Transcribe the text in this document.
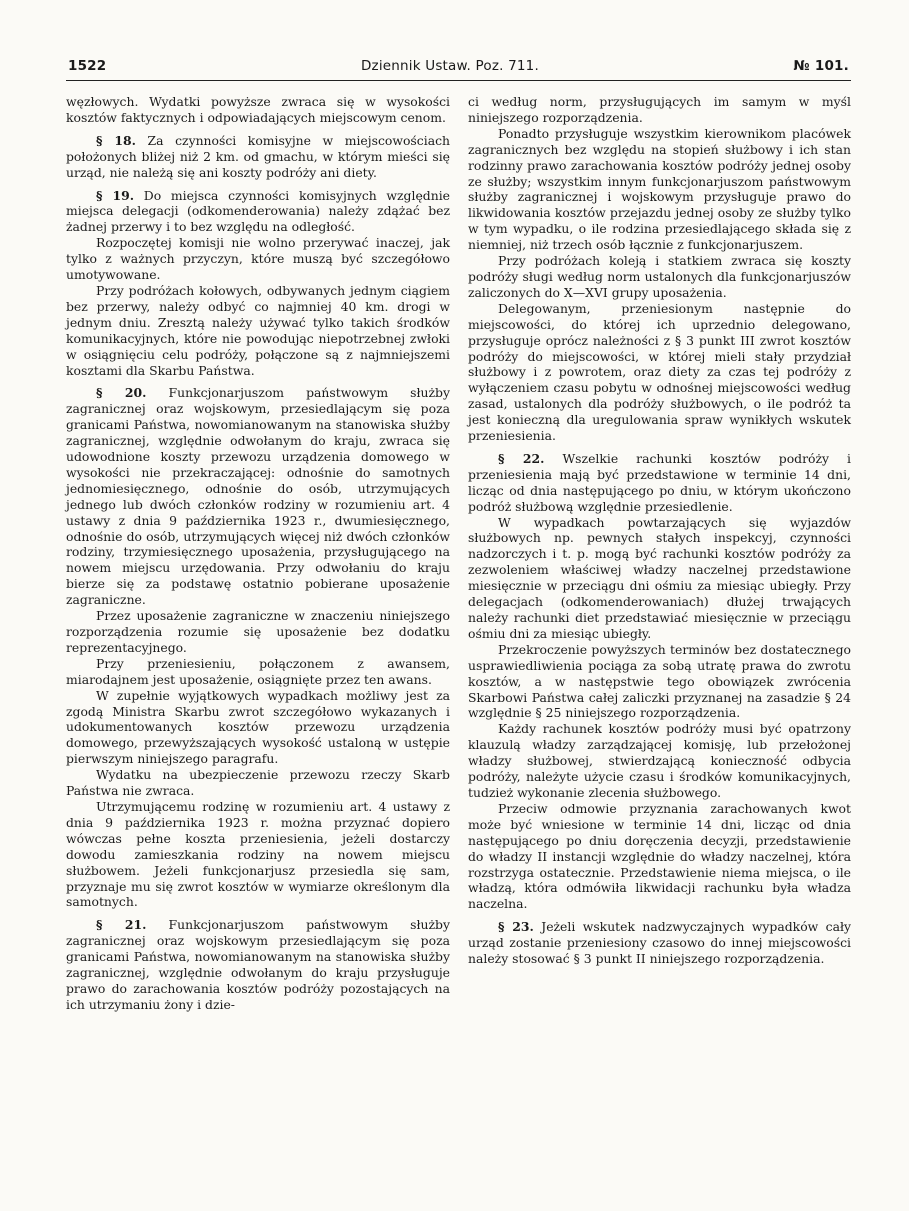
1522	Dziennik Ustaw. Poz. 711.	№ 101.

węzłowych. Wydatki powyższe zwraca się w wysokości kosztów faktycznych i odpowiadających miejscowym cenom.

§ 18. Za czynności komisyjne w miejscowościach położonych bliżej niż 2 km. od gmachu, w którym mieści się urząd, nie należą się ani koszty podróży ani diety.

§ 19. Do miejsca czynności komisyjnych względnie miejsca delegacji (odkomenderowania) należy zdążać bez żadnej przerwy i to bez względu na odległość.

Rozpoczętej komisji nie wolno przerywać inaczej, jak tylko z ważnych przyczyn, które muszą być szczegółowo umotywowane.

Przy podróżach kołowych, odbywanych jednym ciągiem bez przerwy, należy odbyć co najmniej 40 km. drogi w jednym dniu. Zresztą należy używać tylko takich środków komunikacyjnych, które nie powodując niepotrzebnej zwłoki w osiągnięciu celu podróży, połączone są z najmniejszemi kosztami dla Skarbu Państwa.

§ 20. Funkcjonarjuszom państwowym służby zagranicznej oraz wojskowym, przesiedlającym się poza granicami Państwa, nowomianowanym na stanowiska służby zagranicznej, względnie odwołanym do kraju, zwraca się udowodnione koszty przewozu urządzenia domowego w wysokości nie przekraczającej: odnośnie do samotnych jednomiesięcznego, odnośnie do osób, utrzymujących jednego lub dwóch członków rodziny w rozumieniu art. 4 ustawy z dnia 9 października 1923 r., dwumiesięcznego, odnośnie do osób, utrzymujących więcej niż dwóch członków rodziny, trzymiesięcznego uposażenia, przysługującego na nowem miejscu urzędowania. Przy odwołaniu do kraju bierze się za podstawę ostatnio pobierane uposażenie zagraniczne.

Przez uposażenie zagraniczne w znaczeniu niniejszego rozporządzenia rozumie się uposażenie bez dodatku reprezentacyjnego.

Przy przeniesieniu, połączonem z awansem, miarodajnem jest uposażenie, osiągnięte przez ten awans.

W zupełnie wyjątkowych wypadkach możliwy jest za zgodą Ministra Skarbu zwrot szczegółowo wykazanych i udokumentowanych kosztów przewozu urządzenia domowego, przewyższających wysokość ustaloną w ustępie pierwszym niniejszego paragrafu.

Wydatku na ubezpieczenie przewozu rzeczy Skarb Państwa nie zwraca.

Utrzymującemu rodzinę w rozumieniu art. 4 ustawy z dnia 9 października 1923 r. można przyznać dopiero wówczas pełne koszta przeniesienia, jeżeli dostarczy dowodu zamieszkania rodziny na nowem miejscu służbowem. Jeżeli funkcjonarjusz przesiedla się sam, przyznaje mu się zwrot kosztów w wymiarze określonym dla samotnych.

§ 21. Funkcjonarjuszom państwowym służby zagranicznej oraz wojskowym przesiedlającym się poza granicami Państwa, nowomianowanym na stanowiska służby zagranicznej, względnie odwołanym do kraju przysługuje prawo do zarachowania kosztów podróży pozostających na ich utrzymaniu żony i dzie-

ci według norm, przysługujących im samym w myśl niniejszego rozporządzenia.

Ponadto przysługuje wszystkim kierownikom placówek zagranicznych bez względu na stopień służbowy i ich stan rodzinny prawo zarachowania kosztów podróży jednej osoby ze służby; wszystkim innym funkcjonarjuszom państwowym służby zagranicznej i wojskowym przysługuje prawo do likwidowania kosztów przejazdu jednej osoby ze służby tylko w tym wypadku, o ile rodzina przesiedlającego składa się z niemniej, niż trzech osób łącznie z funkcjonarjuszem.

Przy podróżach koleją i statkiem zwraca się koszty podróży sługi według norm ustalonych dla funkcjonarjuszów zaliczonych do X—XVI grupy uposażenia.

Delegowanym, przeniesionym następnie do miejscowości, do której ich uprzednio delegowano, przysługuje oprócz należności z § 3 punkt III zwrot kosztów podróży do miejscowości, w której mieli stały przydział służbowy i z powrotem, oraz diety za czas tej podróży z wyłączeniem czasu pobytu w odnośnej miejscowości według zasad, ustalonych dla podróży służbowych, o ile podróż ta jest konieczną dla uregulowania spraw wynikłych wskutek przeniesienia.

§ 22. Wszelkie rachunki kosztów podróży i przeniesienia mają być przedstawione w terminie 14 dni, licząc od dnia następującego po dniu, w którym ukończono podróż służbową względnie przesiedlenie.

W wypadkach powtarzających się wyjazdów służbowych np. pewnych stałych inspekcyj, czynności nadzorczych i t. p. mogą być rachunki kosztów podróży za zezwoleniem właściwej władzy naczelnej przedstawione miesięcznie w przeciągu dni ośmiu za miesiąc ubiegły. Przy delegacjach (odkomenderowaniach) dłużej trwających należy rachunki diet przedstawiać miesięcznie w przeciągu ośmiu dni za miesiąc ubiegły.

Przekroczenie powyższych terminów bez dostatecznego usprawiedliwienia pociąga za sobą utratę prawa do zwrotu kosztów, a w następstwie tego obowiązek zwrócenia Skarbowi Państwa całej zaliczki przyznanej na zasadzie § 24 względnie § 25 niniejszego rozporządzenia.

Każdy rachunek kosztów podróży musi być opatrzony klauzulą władzy zarządzającej komisję, lub przełożonej władzy służbowej, stwierdzającą konieczność odbycia podróży, należyte użycie czasu i środków komunikacyjnych, tudzież wykonanie zlecenia służbowego.

Przeciw odmowie przyznania zarachowanych kwot może być wniesione w terminie 14 dni, licząc od dnia następującego po dniu doręczenia decyzji, przedstawienie do władzy II instancji względnie do władzy naczelnej, która rozstrzyga ostatecznie. Przedstawienie niema miejsca, o ile władzą, która odmówiła likwidacji rachunku była władza naczelna.

§ 23. Jeżeli wskutek nadzwyczajnych wypadków cały urząd zostanie przeniesiony czasowo do innej miejscowości należy stosować § 3 punkt II niniejszego rozporządzenia.
